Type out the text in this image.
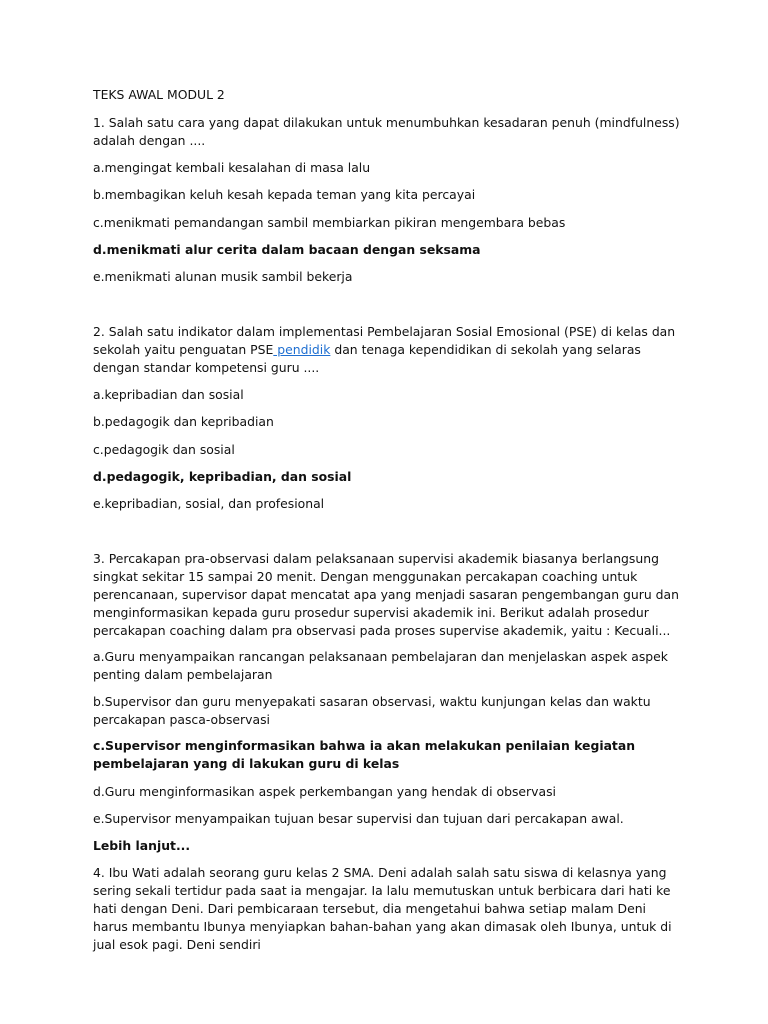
TEKS AWAL MODUL 2

1. Salah satu cara yang dapat dilakukan untuk menumbuhkan kesadaran penuh (mindfulness) adalah dengan ....

a.mengingat kembali kesalahan di masa lalu

b.membagikan keluh kesah kepada teman yang kita percayai

c.menikmati pemandangan sambil membiarkan pikiran mengembara bebas

d.menikmati alur cerita dalam bacaan dengan seksama

e.menikmati alunan musik sambil bekerja

2. Salah satu indikator dalam implementasi Pembelajaran Sosial Emosional (PSE) di kelas dan sekolah yaitu penguatan PSE pendidik dan tenaga kependidikan di sekolah yang selaras dengan standar kompetensi guru ....

a.kepribadian dan sosial

b.pedagogik dan kepribadian

c.pedagogik dan sosial

d.pedagogik, kepribadian, dan sosial

e.kepribadian, sosial, dan profesional

3. Percakapan pra-observasi dalam pelaksanaan supervisi akademik biasanya berlangsung singkat sekitar 15 sampai 20 menit. Dengan menggunakan percakapan coaching untuk perencanaan, supervisor dapat mencatat apa yang menjadi sasaran pengembangan guru dan menginformasikan kepada guru prosedur supervisi akademik ini. Berikut adalah prosedur percakapan coaching dalam pra observasi pada proses supervise akademik, yaitu : Kecuali...

a.Guru menyampaikan rancangan pelaksanaan pembelajaran dan menjelaskan aspek aspek penting dalam pembelajaran

b.Supervisor dan guru menyepakati sasaran observasi, waktu kunjungan kelas dan waktu percakapan pasca-observasi

c.Supervisor menginformasikan bahwa ia akan melakukan penilaian kegiatan pembelajaran yang di lakukan guru di kelas

d.Guru menginformasikan aspek perkembangan yang hendak di observasi

e.Supervisor menyampaikan tujuan besar supervisi dan tujuan dari percakapan awal.

Lebih lanjut...

4. Ibu Wati adalah seorang guru kelas 2 SMA. Deni adalah salah satu siswa di kelasnya yang sering sekali tertidur pada saat ia mengajar. Ia lalu memutuskan untuk berbicara dari hati ke hati dengan Deni. Dari pembicaraan tersebut, dia mengetahui bahwa setiap malam Deni harus membantu Ibunya menyiapkan bahan-bahan yang akan dimasak oleh Ibunya, untuk di jual esok pagi. Deni sendiri
